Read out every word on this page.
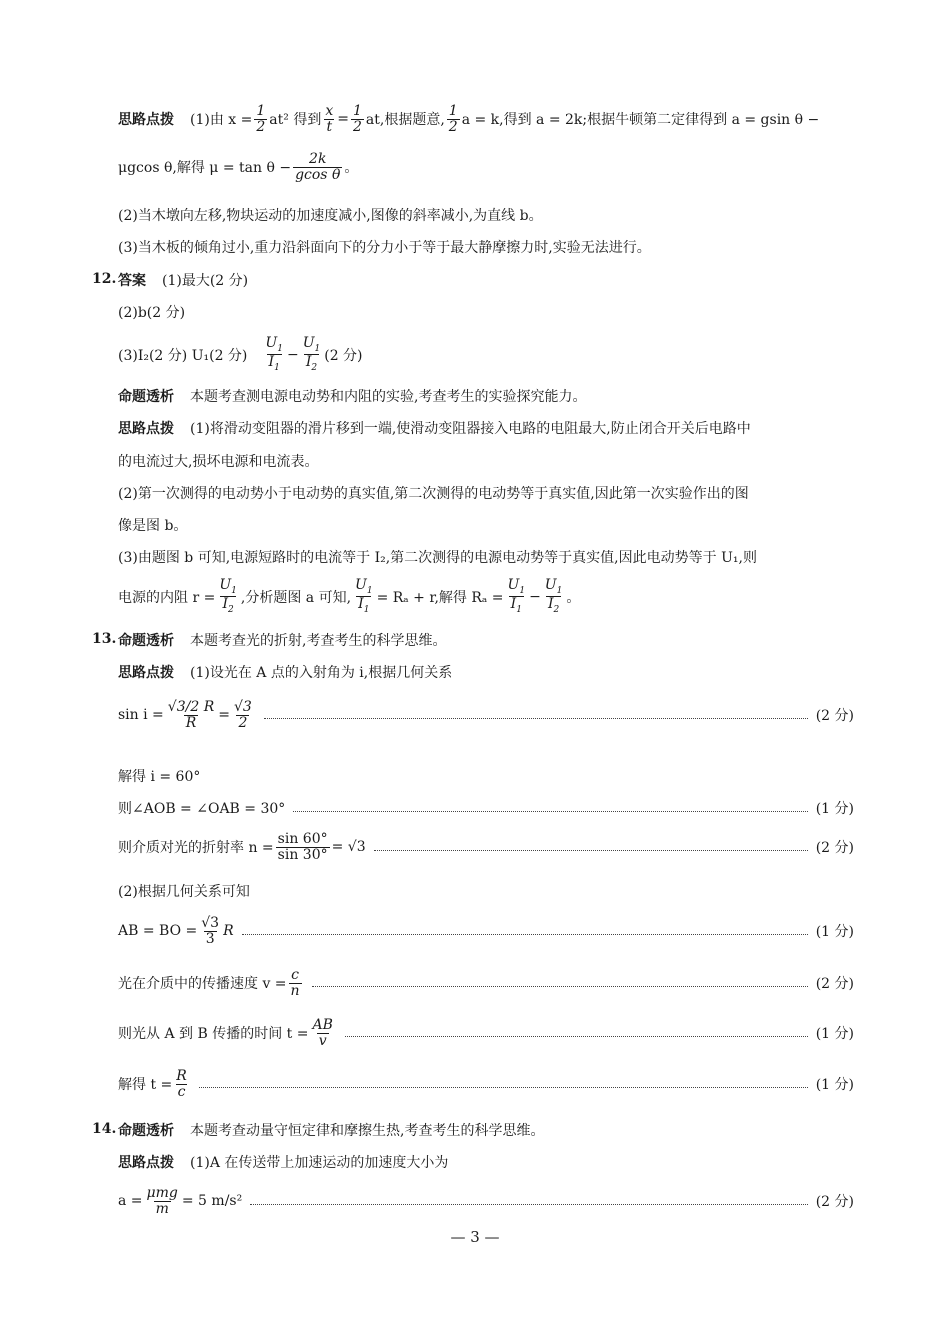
思路点拨 (1)由 $x = \frac{1}{2} at^2$ 得到 $\frac{x}{t} = \frac{1}{2}$ at,根据题意, $\frac{1}{2}$ a = k,得到 a = 2k;根据牛顿第二定律得到 a = gsin θ −
μgcos θ,解得 $\mu = \tan \theta - \frac{2k}{\text{gcos θ}}$ 。
(2)当木墩向左移,物块运动的加速度减小,图像的斜率减小,为直线 b。
(3)当木板的倾角过小,重力沿斜面向下的分力小于等于最大静摩擦力时,实验无法进行。
12. 答案 (1)最大(2 分)
(2)b(2 分)
(3)I₂(2 分) U₁(2 分) $\frac{U_1}{I_1} - \frac{U_1}{I_2} (2$ 分)
命题透析 本题考查测电源电动势和内阻的实验,考查考生的实验探究能力。
思路点拨 (1)将滑动变阻器的滑片移到一端,使滑动变阻器接入电路的电阻最大,防止闭合开关后电路中
的电流过大,损坏电源和电流表。
(2)第一次测得的电动势小于电动势的真实值,第二次测得的电动势等于真实值,因此第一次实验作出的图
像是图 b。
(3)由题图 b 可知,电源短路时的电流等于 I₂,第二次测得的电源电动势等于真实值,因此电动势等于 U₁,则
电源的内阻 $r = \frac{U_1}{I_2}$ ,分析题图 a 可知, $\frac{U_1}{I_1} = R_a + r$,解得 $R_a = \frac{U_1}{I_1} - \frac{U_1}{I_2}$ 。
13. 命题透析 本题考查光的折射,考查考生的科学思维。
思路点拨 (1)设光在 A 点的入射角为 i,根据几何关系
$\sin i = \frac{√3/2 R}{R} = \frac{√3}{2}$	(2 分)
解得 i = 60°
则∠AOB = ∠OAB = 30°	(1 分)
则介质对光的折射率 $n = \frac{\sin 60^\circ}{\sin 30^\circ} = √3$	(2 分)
(2)根据几何关系可知
AB = BO = $\frac{√3}{3}$ R	(1 分)
光在介质中的传播速度 $v = \frac{c}{n}$	(2 分)
则光从 A 到 B 传播的时间 $t = \frac{AB}{v}$	(1 分)
解得 $t = \frac{R}{c}$	(1 分)
14. 命题透析 本题考查动量守恒定律和摩擦生热,考查考生的科学思维。
思路点拨 (1)A 在传送带上加速运动的加速度大小为
$a = \frac{\text{μmg}}{m} = 5$ m/s²	(2 分)
— 3 —
